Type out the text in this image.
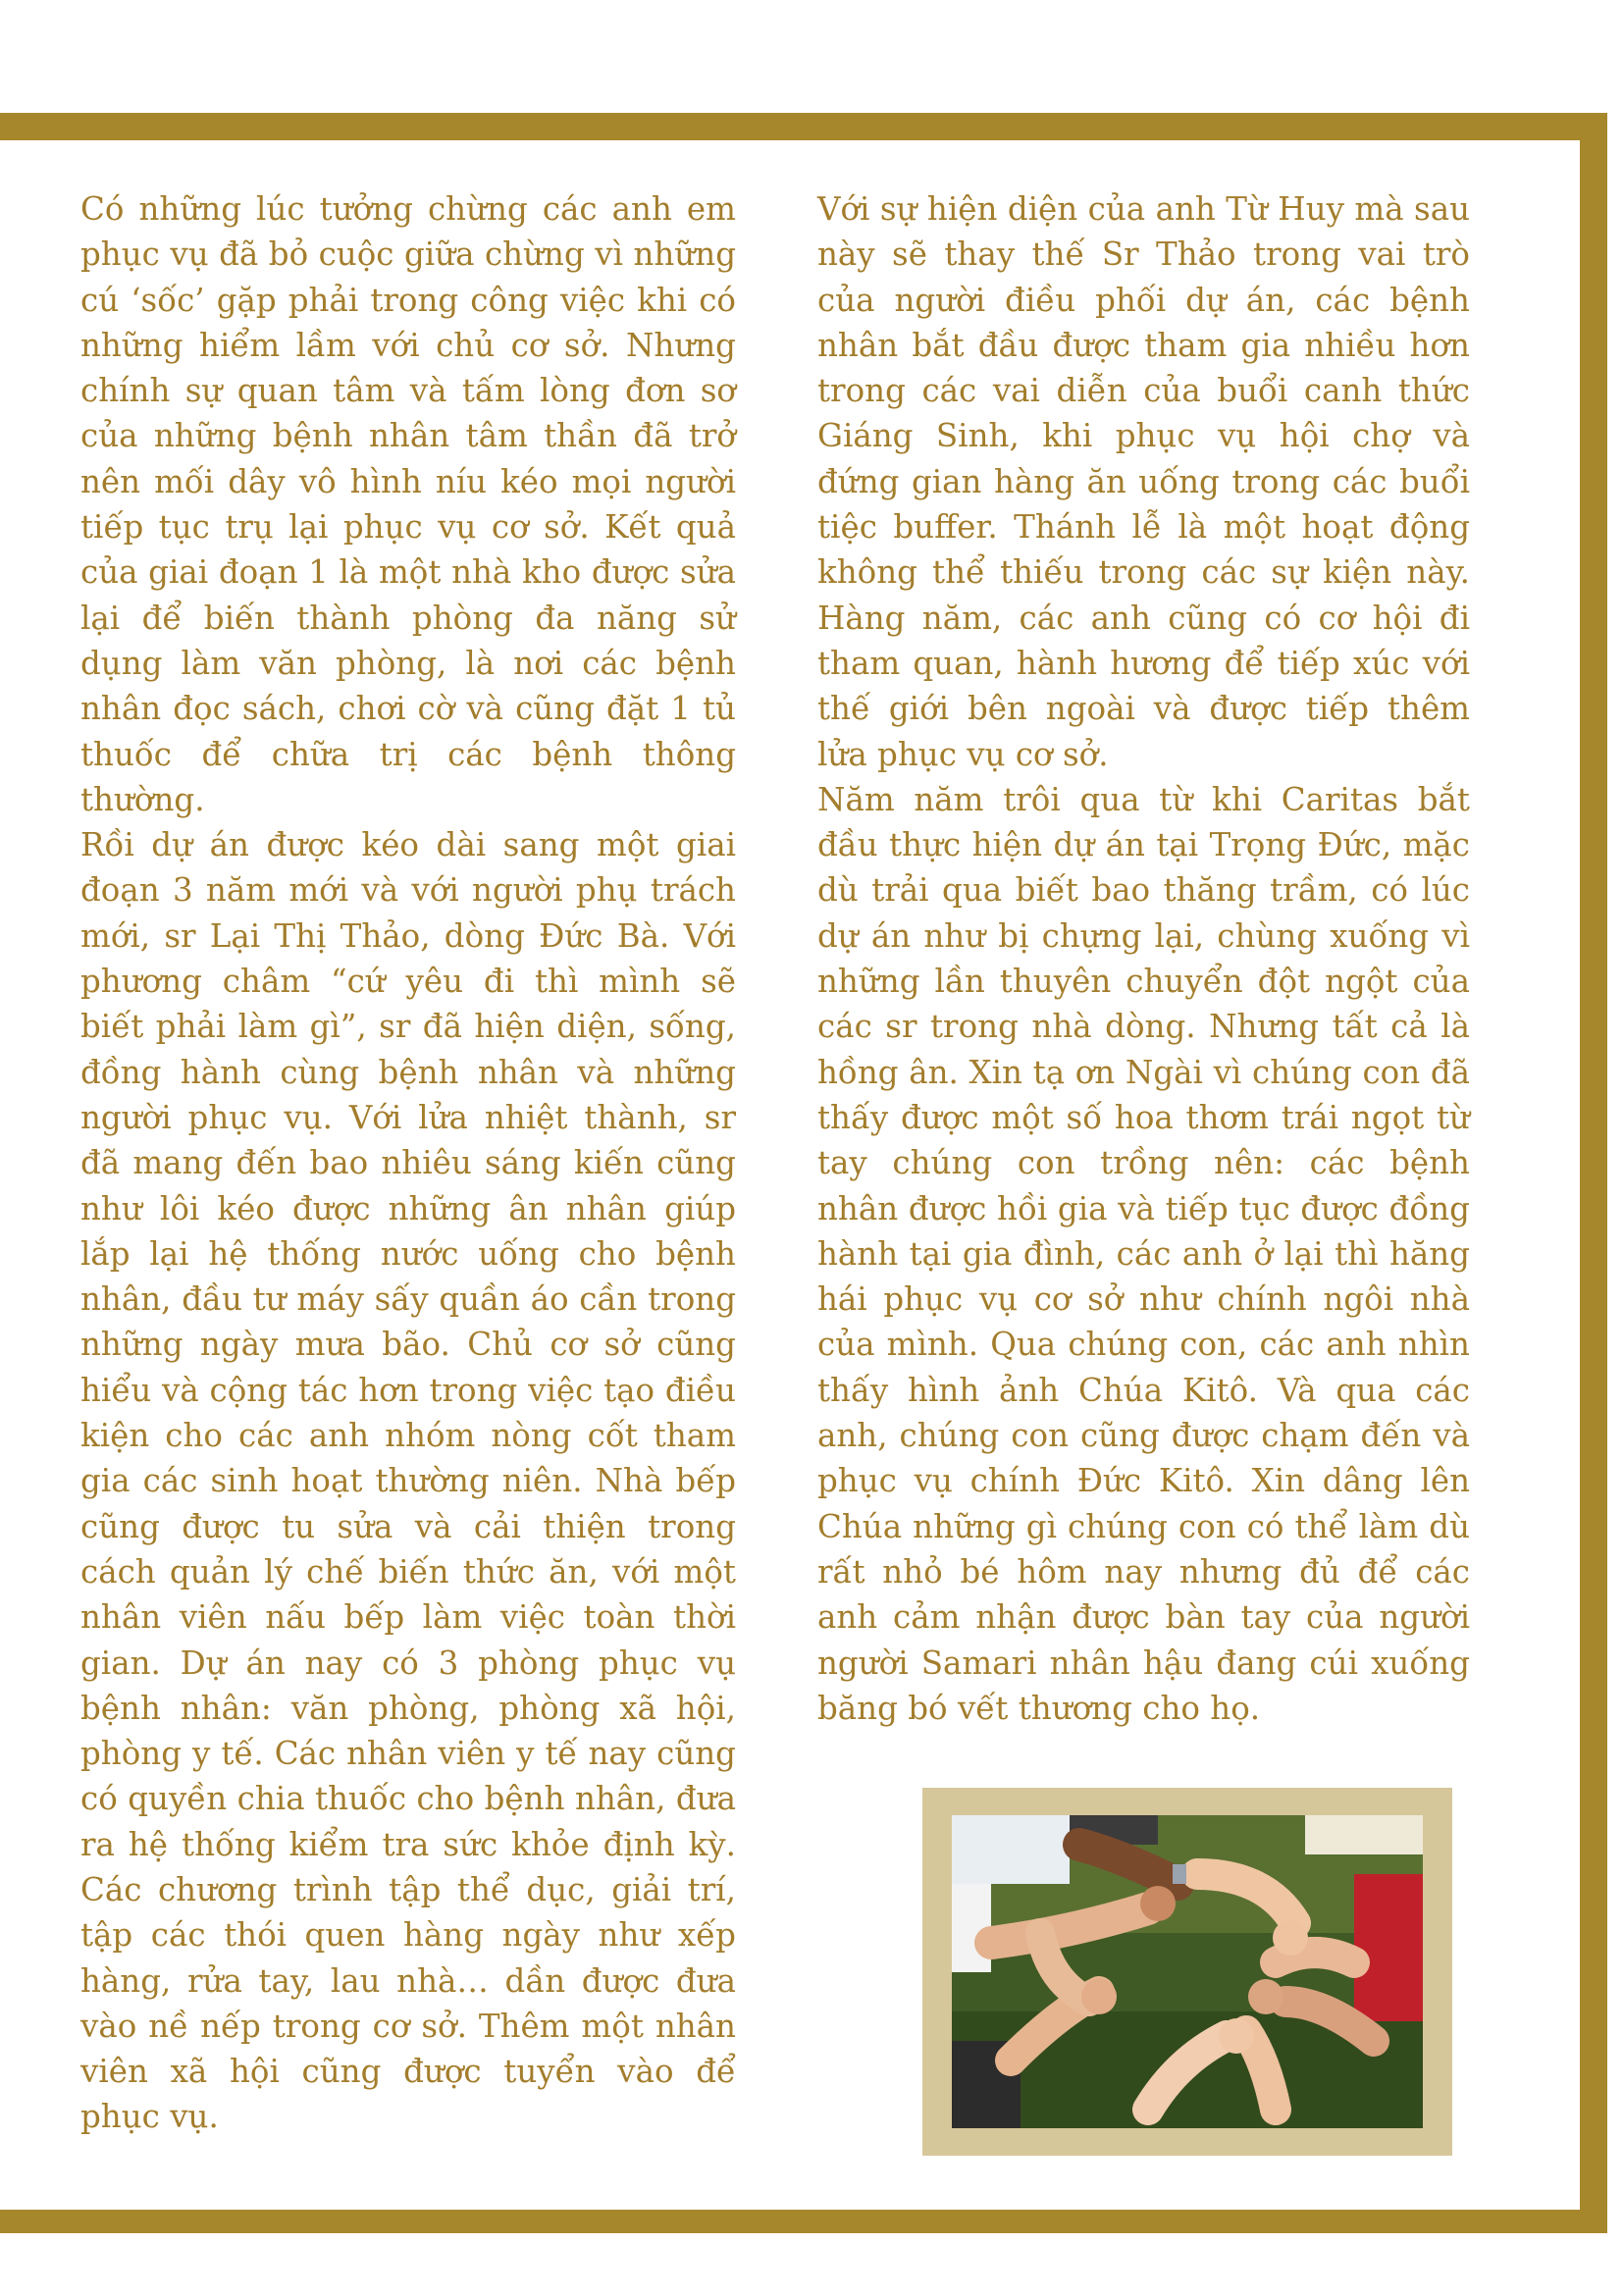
Có những lúc tưởng chừng các anh em phục vụ đã bỏ cuộc giữa chừng vì những cú ‘sốc’ gặp phải trong công việc khi có những hiểm lầm với chủ cơ sở. Nhưng chính sự quan tâm và tấm lòng đơn sơ của những bệnh nhân tâm thần đã trở nên mối dây vô hình níu kéo mọi người tiếp tục trụ lại phục vụ cơ sở. Kết quả của giai đoạn 1 là một nhà kho được sửa lại để biến thành phòng đa năng sử dụng làm văn phòng, là nơi các bệnh nhân đọc sách, chơi cờ và cũng đặt 1 tủ thuốc để chữa trị các bệnh thông thường.

Rồi dự án được kéo dài sang một giai đoạn 3 năm mới và với người phụ trách mới, sr Lại Thị Thảo, dòng Đức Bà. Với phương châm “cứ yêu đi thì mình sẽ biết phải làm gì”, sr đã hiện diện, sống, đồng hành cùng bệnh nhân và những người phục vụ. Với lửa nhiệt thành, sr đã mang đến bao nhiêu sáng kiến cũng như lôi kéo được những ân nhân giúp lắp lại hệ thống nước uống cho bệnh nhân, đầu tư máy sấy quần áo cần trong những ngày mưa bão. Chủ cơ sở cũng hiểu và cộng tác hơn trong việc tạo điều kiện cho các anh nhóm nòng cốt tham gia các sinh hoạt thường niên. Nhà bếp cũng được tu sửa và cải thiện trong cách quản lý chế biến thức ăn, với một nhân viên nấu bếp làm việc toàn thời gian. Dự án nay có 3 phòng phục vụ bệnh nhân: văn phòng, phòng xã hội, phòng y tế. Các nhân viên y tế nay cũng có quyền chia thuốc cho bệnh nhân, đưa ra hệ thống kiểm tra sức khỏe định kỳ. Các chương trình tập thể dục, giải trí, tập các thói quen hàng ngày như xếp hàng, rửa tay, lau nhà… dần được đưa vào nề nếp trong cơ sở. Thêm một nhân viên xã hội cũng được tuyển vào để phục vụ.

Với sự hiện diện của anh Từ Huy mà sau này sẽ thay thế Sr Thảo trong vai trò của người điều phối dự án, các bệnh nhân bắt đầu được tham gia nhiều hơn trong các vai diễn của buổi canh thức Giáng Sinh, khi phục vụ hội chợ và đứng gian hàng ăn uống trong các buổi tiệc buffer. Thánh lễ là một hoạt động không thể thiếu trong các sự kiện này. Hàng năm, các anh cũng có cơ hội đi tham quan, hành hương để tiếp xúc với thế giới bên ngoài và được tiếp thêm lửa phục vụ cơ sở.

Năm năm trôi qua từ khi Caritas bắt đầu thực hiện dự án tại Trọng Đức, mặc dù trải qua biết bao thăng trầm, có lúc dự án như bị chựng lại, chùng xuống vì những lần thuyên chuyển đột ngột của các sr trong nhà dòng. Nhưng tất cả là hồng ân. Xin tạ ơn Ngài vì chúng con đã thấy được một số hoa thơm trái ngọt từ tay chúng con trồng nên: các bệnh nhân được hồi gia và tiếp tục được đồng hành tại gia đình, các anh ở lại thì hăng hái phục vụ cơ sở như chính ngôi nhà của mình. Qua chúng con, các anh nhìn thấy hình ảnh Chúa Kitô. Và qua các anh, chúng con cũng được chạm đến và phục vụ chính Đức Kitô. Xin dâng lên Chúa những gì chúng con có thể làm dù rất nhỏ bé hôm nay nhưng đủ để các anh cảm nhận được bàn tay của người người Samari nhân hậu đang cúi xuống băng bó vết thương cho họ.
